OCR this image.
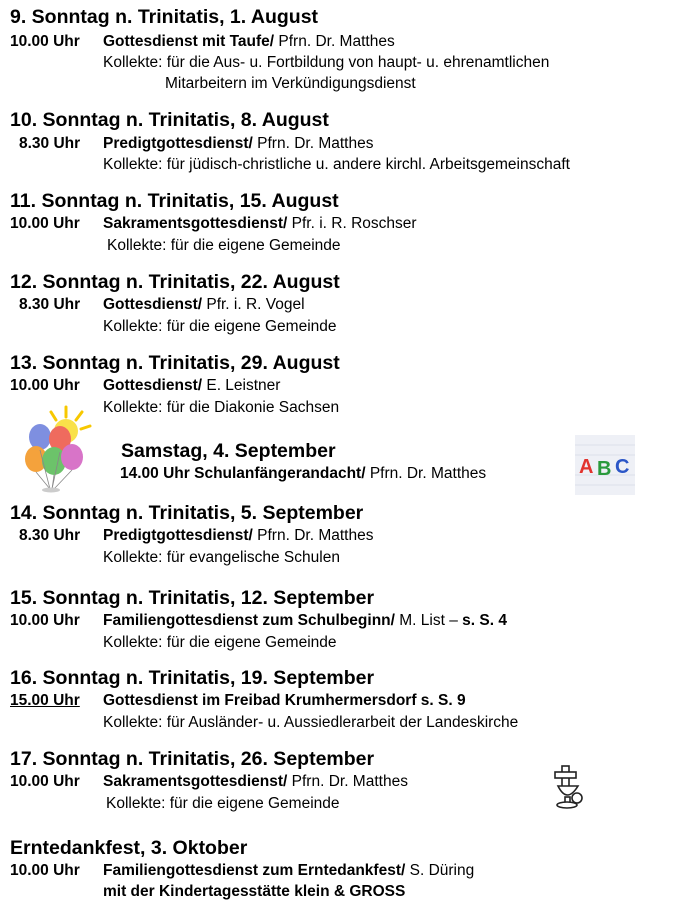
9. Sonntag n. Trinitatis, 1. August
10.00 Uhr Gottesdienst mit Taufe/ Pfrn. Dr. Matthes
Kollekte: für die Aus- u. Fortbildung von haupt- u. ehrenamtlichen
Mitarbeitern im Verkündigungsdienst
10. Sonntag n. Trinitatis, 8. August
8.30 Uhr Predigtgottesdienst/ Pfrn. Dr. Matthes
Kollekte: für jüdisch-christliche u. andere kirchl. Arbeitsgemeinschaft
11. Sonntag n. Trinitatis, 15. August
10.00 Uhr Sakramentsgottesdienst/ Pfr. i. R. Roschser
Kollekte: für die eigene Gemeinde
12. Sonntag n. Trinitatis, 22. August
8.30 Uhr Gottesdienst/ Pfr. i. R. Vogel
Kollekte: für die eigene Gemeinde
13. Sonntag n. Trinitatis, 29. August
10.00 Uhr Gottesdienst/ E. Leistner
Kollekte: für die Diakonie Sachsen
Samstag, 4. September
14.00 Uhr Schulanfängerandacht/ Pfrn. Dr. Matthes	A B C
14. Sonntag n. Trinitatis, 5. September
8.30 Uhr Predigtgottesdienst/ Pfrn. Dr. Matthes
Kollekte: für evangelische Schulen
15. Sonntag n. Trinitatis, 12. September
10.00 Uhr Familiengottesdienst zum Schulbeginn/ M. List – s. S. 4
Kollekte: für die eigene Gemeinde
16. Sonntag n. Trinitatis, 19. September
15.00 Uhr Gottesdienst im Freibad Krumhermersdorf s. S. 9
Kollekte: für Ausländer- u. Aussiedlerarbeit der Landeskirche
17. Sonntag n. Trinitatis, 26. September
10.00 Uhr Sakramentsgottesdienst/ Pfrn. Dr. Matthes
Kollekte: für die eigene Gemeinde
Erntedankfest, 3. Oktober
10.00 Uhr Familiengottesdienst zum Erntedankfest/ S. Düring
mit der Kindertagesstätte klein & GROSS
